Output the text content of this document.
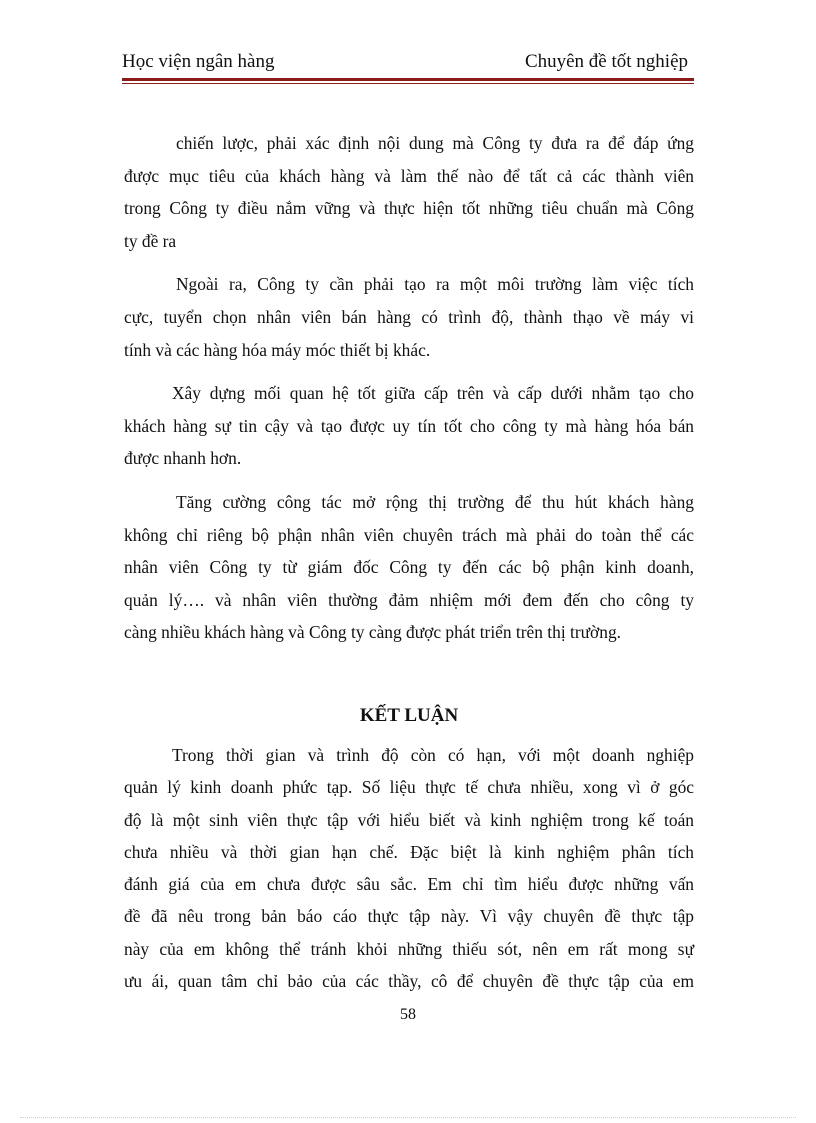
Học viện ngân hàng	Chuyên đề tốt nghiệp

chiến lược, phải xác định nội dung mà Công ty đưa ra để đáp ứng
được mục tiêu của khách hàng và làm thế nào để tất cả các thành viên
trong Công ty điều nắm vững và thực hiện tốt những tiêu chuẩn mà Công
ty đề ra

Ngoài ra, Công ty cần phải tạo ra một môi trường làm việc tích
cực, tuyển chọn nhân viên bán hàng có trình độ, thành thạo về máy vi
tính và các hàng hóa máy móc thiết bị khác.

Xây dựng mối quan hệ tốt giữa cấp trên và cấp dưới nhằm tạo cho
khách hàng sự tin cậy và tạo được uy tín tốt cho công ty mà hàng hóa bán
được nhanh hơn.

Tăng cường công tác mở rộng thị trường để thu hút khách hàng
không chỉ riêng bộ phận nhân viên chuyên trách mà phải do toàn thể các
nhân viên Công ty từ giám đốc Công ty đến các bộ phận kinh doanh,
quản lý…. và nhân viên thường đảm nhiệm mới đem đến cho công ty
càng nhiều khách hàng và Công ty càng được phát triển trên thị trường.

KẾT LUẬN

Trong thời gian và trình độ còn có hạn, với một doanh nghiệp
quản lý kinh doanh phức tạp. Số liệu thực tế chưa nhiều, xong vì ở góc
độ là một sinh viên thực tập với hiểu biết và kinh nghiệm trong kế toán
chưa nhiều và thời gian hạn chế. Đặc biệt là kinh nghiệm phân tích
đánh giá của em chưa được sâu sắc. Em chỉ tìm hiểu được những vấn
đề đã nêu trong bản báo cáo thực tập này. Vì vậy chuyên đề thực tập
này của em không thể tránh khỏi những thiếu sót, nên em rất mong sự
ưu ái, quan tâm chỉ bảo của các thầy, cô để chuyên đề thực tập của em

58
